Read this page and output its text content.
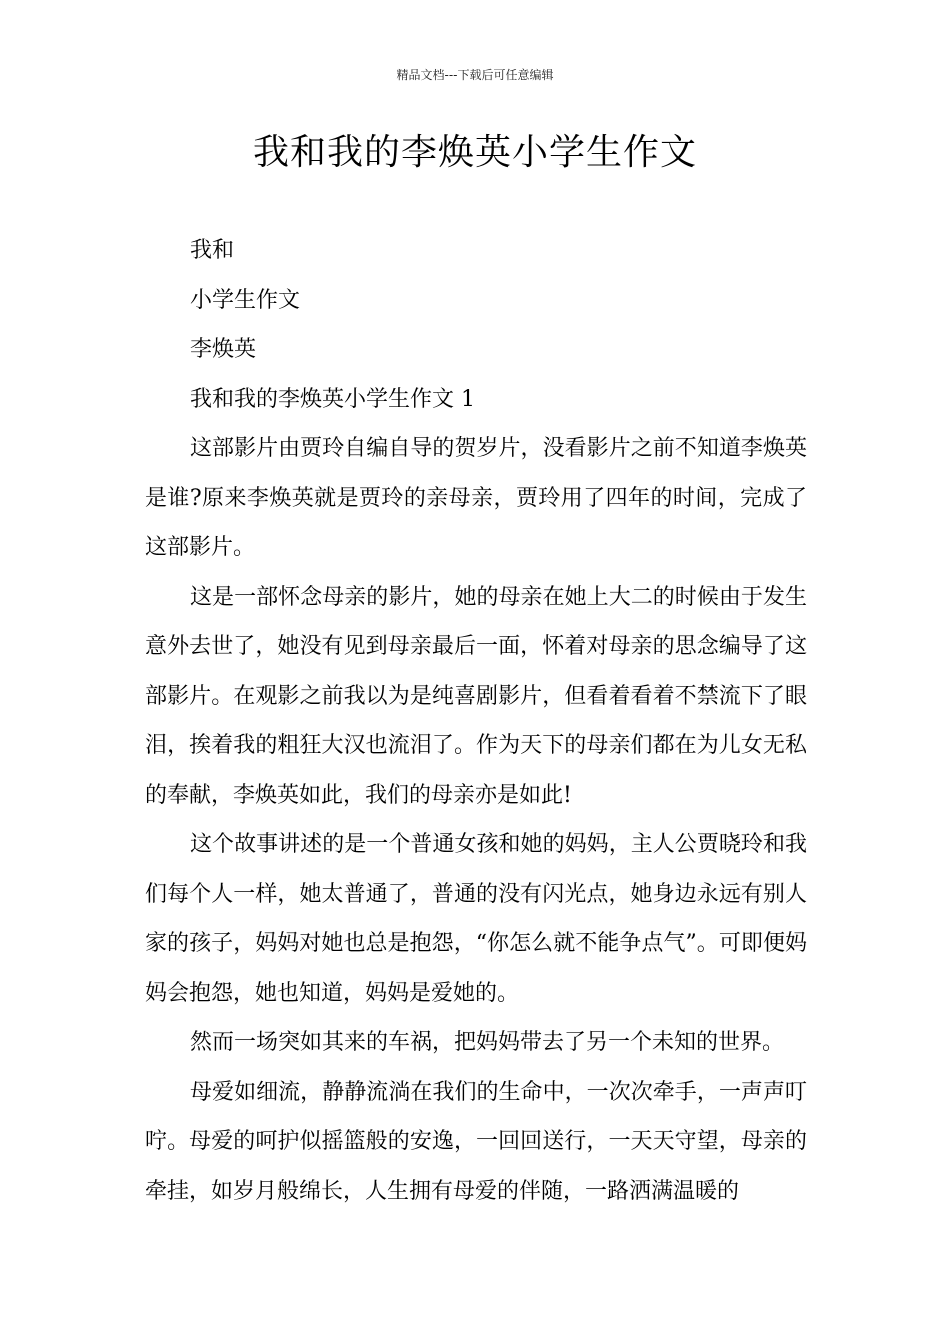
精品文档---下载后可任意编辑
我和我的李焕英小学生作文

我和

小学生作文

李焕英

我和我的李焕英小学生作文 1

这部影片由贾玲自编自导的贺岁片，没看影片之前不知道李焕英是谁?原来李焕英就是贾玲的亲母亲，贾玲用了四年的时间，完成了这部影片。

这是一部怀念母亲的影片，她的母亲在她上大二的时候由于发生意外去世了，她没有见到母亲最后一面，怀着对母亲的思念编导了这部影片。在观影之前我以为是纯喜剧影片，但看着看着不禁流下了眼泪，挨着我的粗狂大汉也流泪了。作为天下的母亲们都在为儿女无私的奉献，李焕英如此，我们的母亲亦是如此!

这个故事讲述的是一个普通女孩和她的妈妈，主人公贾晓玲和我们每个人一样，她太普通了，普通的没有闪光点，她身边永远有别人家的孩子，妈妈对她也总是抱怨，“你怎么就不能争点气”。可即便妈妈会抱怨，她也知道，妈妈是爱她的。

然而一场突如其来的车祸，把妈妈带去了另一个未知的世界。

母爱如细流，静静流淌在我们的生命中，一次次牵手，一声声叮咛。母爱的呵护似摇篮般的安逸，一回回送行，一天天守望，母亲的牵挂，如岁月般绵长，人生拥有母爱的伴随，一路洒满温暖的
